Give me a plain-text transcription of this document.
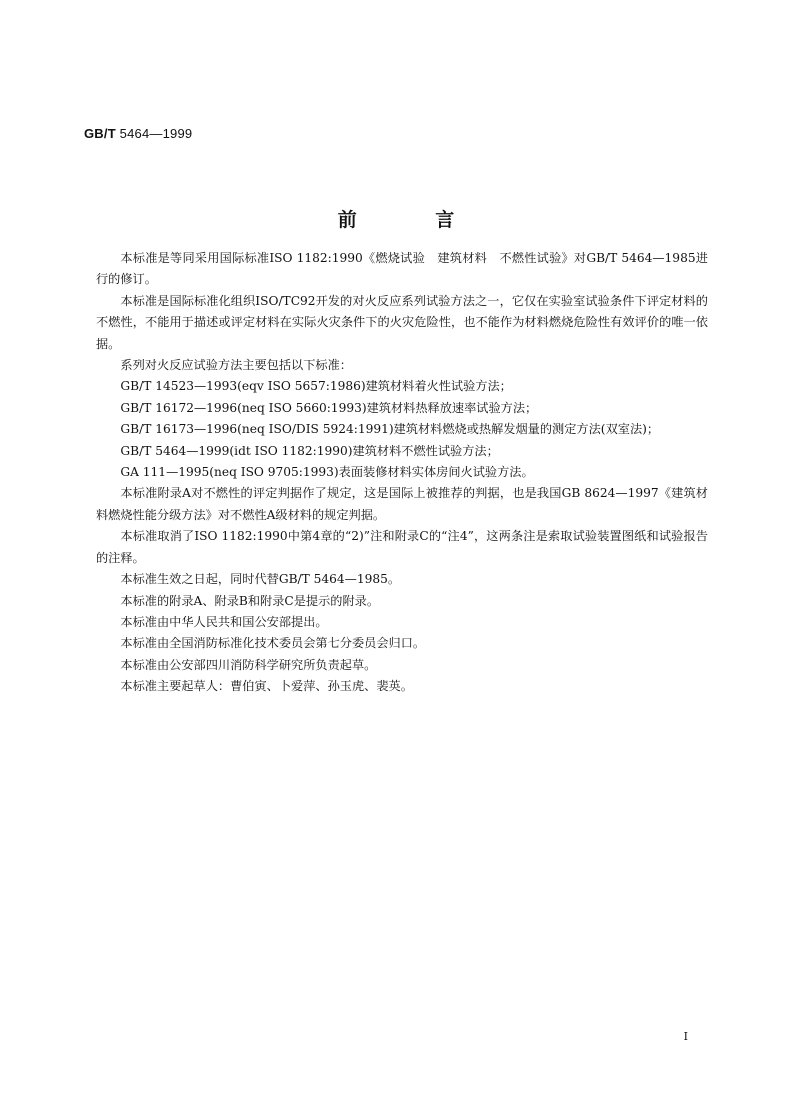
GB/T 5464—1999
前 言

本标准是等同采用国际标准ISO 1182:1990《燃烧试验　建筑材料　不燃性试验》对GB/T 5464—1985进行的修订。

本标准是国际标准化组织ISO/TC92开发的对火反应系列试验方法之一，它仅在实验室试验条件下评定材料的不燃性，不能用于描述或评定材料在实际火灾条件下的火灾危险性，也不能作为材料燃烧危险性有效评价的唯一依据。

系列对火反应试验方法主要包括以下标准：

GB/T 14523—1993(eqv ISO 5657:1986)建筑材料着火性试验方法；

GB/T 16172—1996(neq ISO 5660:1993)建筑材料热释放速率试验方法；

GB/T 16173—1996(neq ISO/DIS 5924:1991)建筑材料燃烧或热解发烟量的测定方法(双室法)；

GB/T 5464—1999(idt ISO 1182:1990)建筑材料不燃性试验方法；

GA 111—1995(neq ISO 9705:1993)表面装修材料实体房间火试验方法。

本标准附录A对不燃性的评定判据作了规定，这是国际上被推荐的判据，也是我国GB 8624—1997《建筑材料燃烧性能分级方法》对不燃性A级材料的规定判据。

本标准取消了ISO 1182:1990中第4章的“2)”注和附录C的“注4”，这两条注是索取试验装置图纸和试验报告的注释。

本标准生效之日起，同时代替GB/T 5464—1985。

本标准的附录A、附录B和附录C是提示的附录。

本标准由中华人民共和国公安部提出。

本标准由全国消防标准化技术委员会第七分委员会归口。

本标准由公安部四川消防科学研究所负责起草。

本标准主要起草人：曹伯寅、卜爱萍、孙玉虎、裴英。

I
